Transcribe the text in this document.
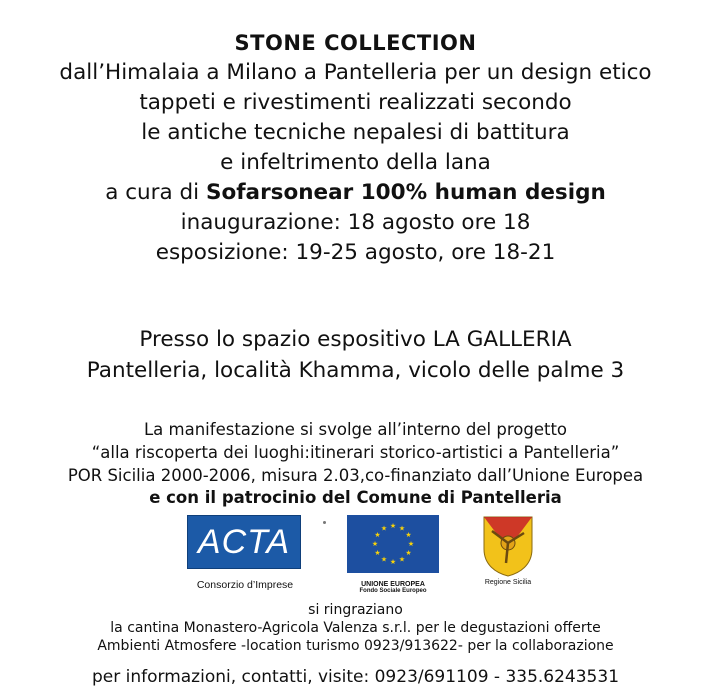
STONE COLLECTION
dall’Himalaia a Milano a Pantelleria per un design etico
tappeti e rivestimenti realizzati secondo
le antiche tecniche nepalesi di battitura
e infeltrimento della lana
a cura di Sofarsonear 100% human design
inaugurazione: 18 agosto ore 18
esposizione: 19-25 agosto, ore 18-21
Presso lo spazio espositivo LA GALLERIA
Pantelleria, località Khamma, vicolo delle palme 3
La manifestazione si svolge all’interno del progetto
“alla riscoperta dei luoghi:itinerari storico-artistici a Pantelleria”
POR Sicilia 2000-2006, misura 2.03,co-finanziato dall’Unione Europea
e con il patrocinio del Comune di Pantelleria
ACTA
Consorzio d’Imprese
★ ★
★
★
★
★
★
★
★
★
★
★
UNIONE EUROPEA
Fondo Sociale Europeo
Regione Sicilia
si ringraziano
la cantina Monastero-Agricola Valenza s.r.l. per le degustazioni offerte
Ambienti Atmosfere -location turismo 0923/913622- per la collaborazione
per informazioni, contatti, visite: 0923/691109 - 335.6243531
